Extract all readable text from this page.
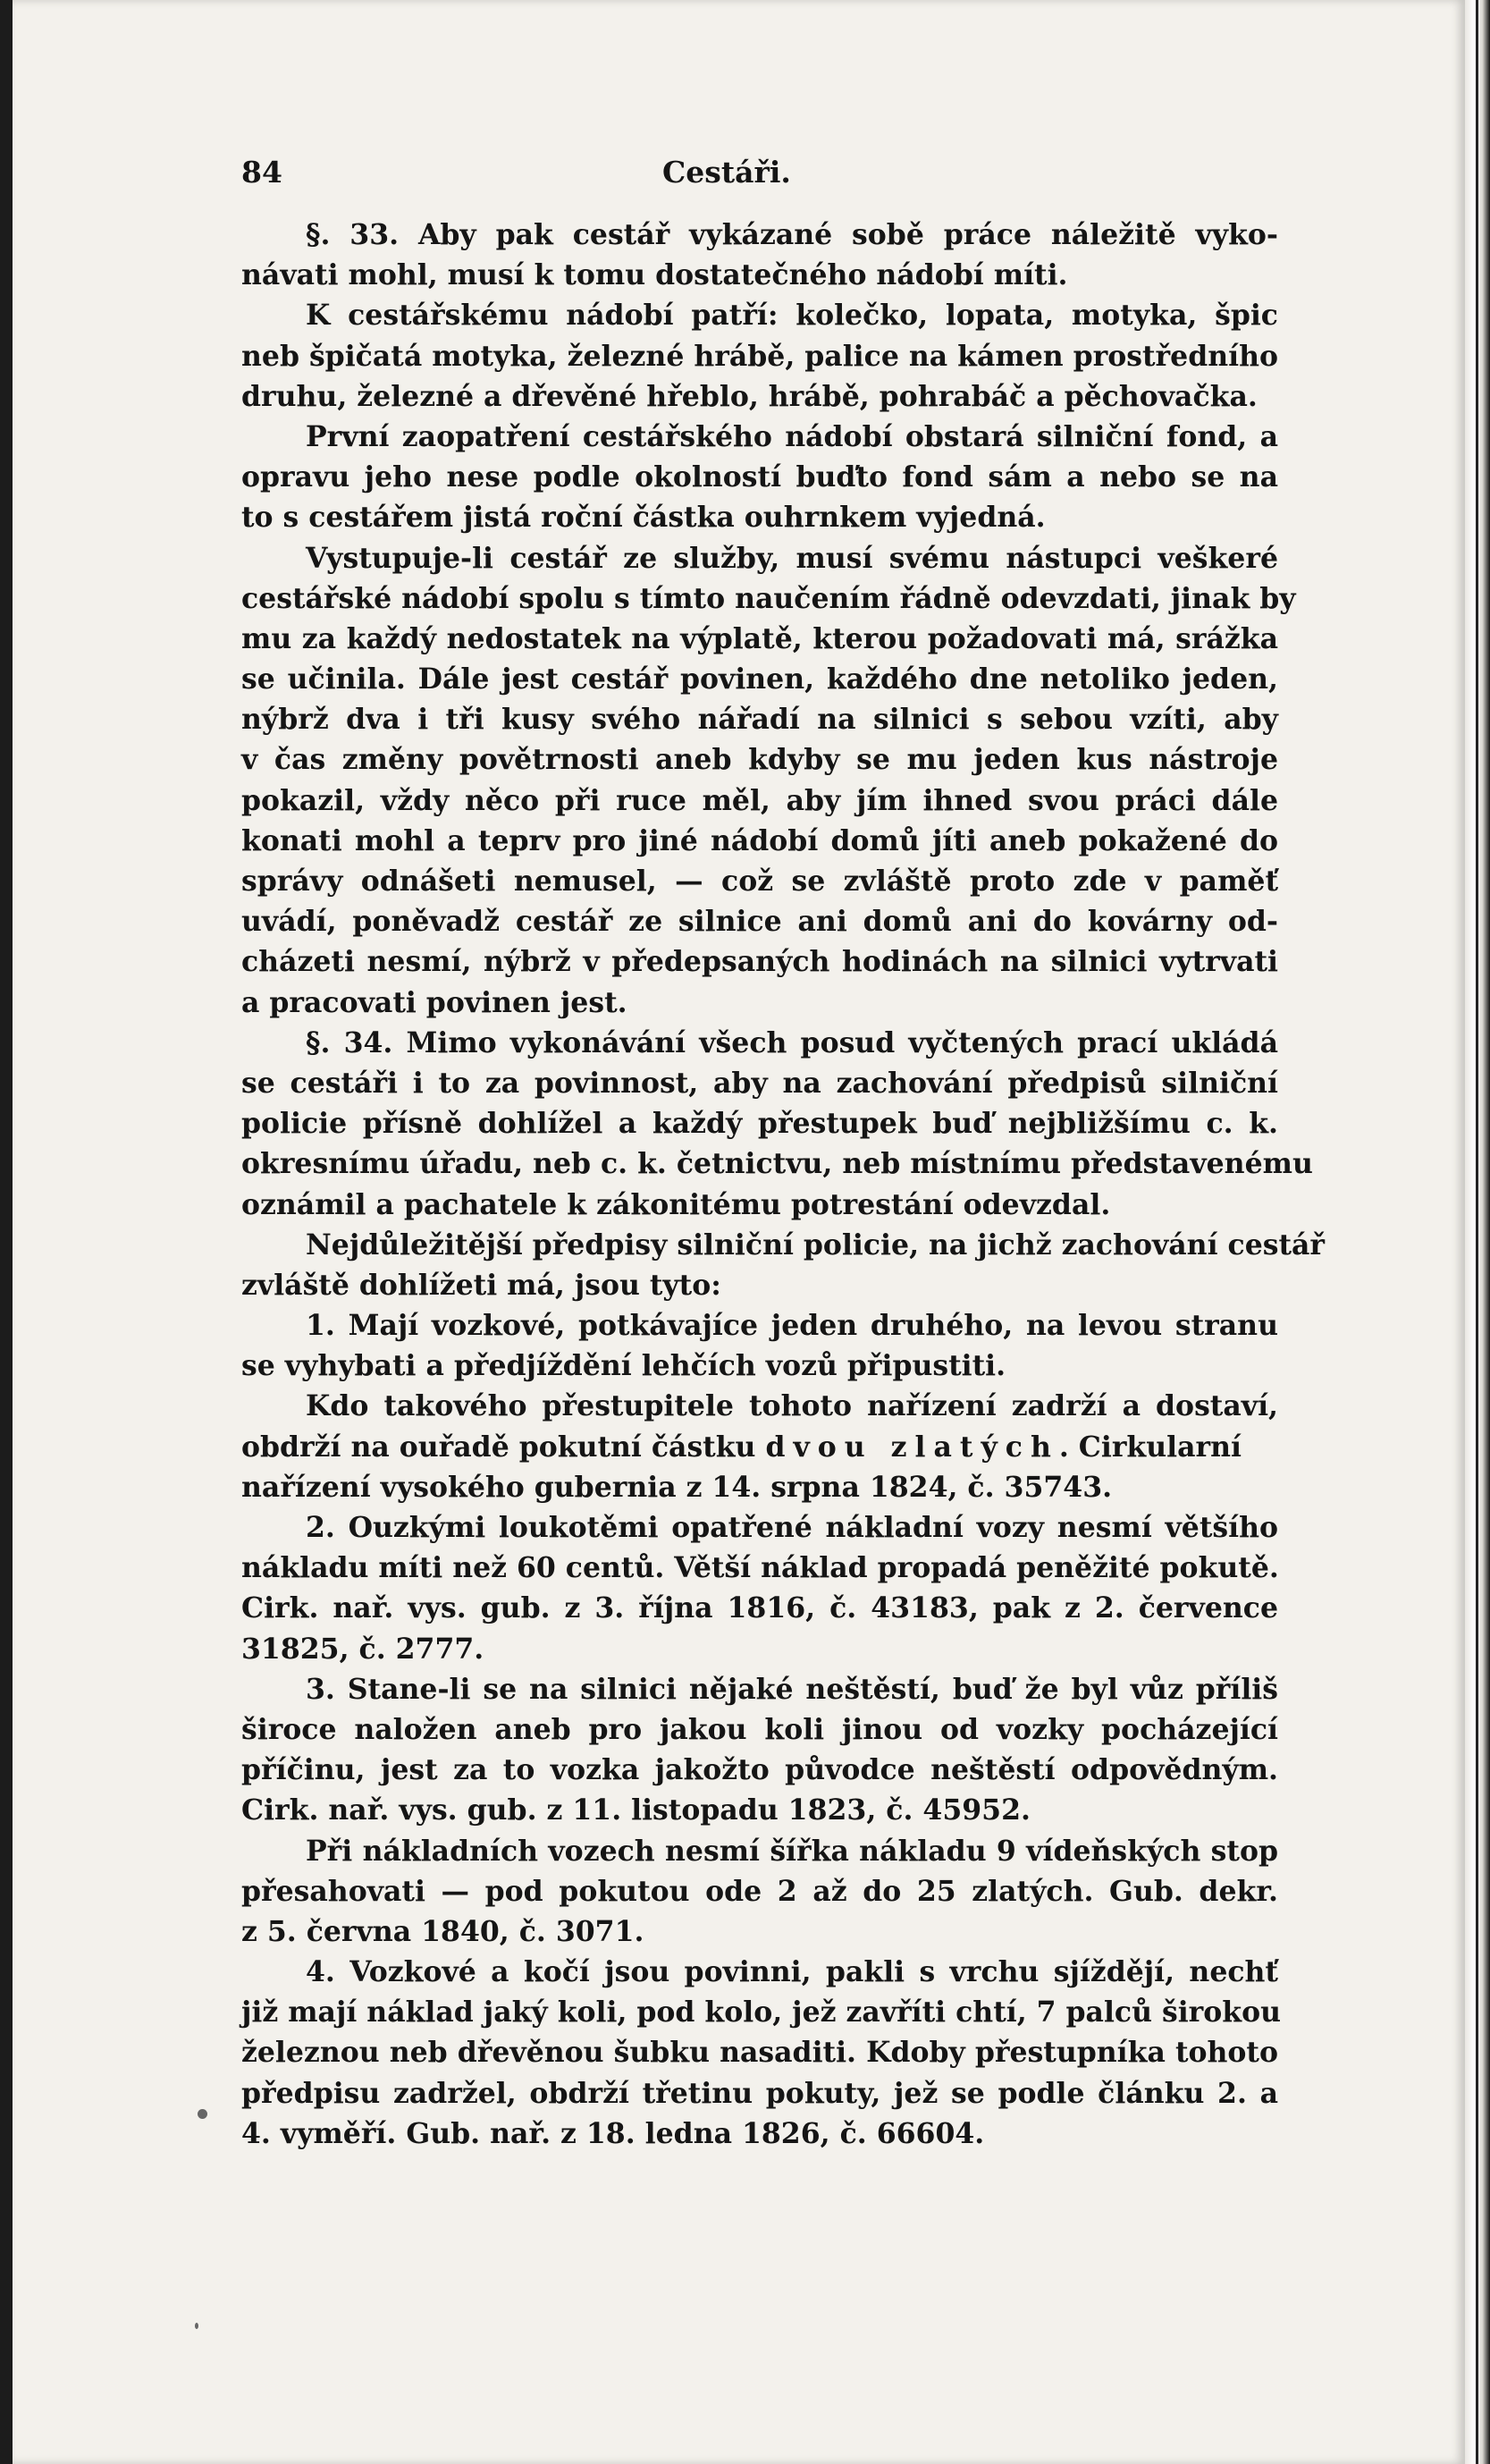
84	Cestáři.
§. 33. Aby pak cestář vykázané sobě práce náležitě vyko-
návati mohl, musí k tomu dostatečného nádobí míti.
K cestářskému nádobí patří: kolečko, lopata, motyka, špic
neb špičatá motyka, železné hrábě, palice na kámen prostředního
druhu, železné a dřevěné hřeblo, hrábě, pohrabáč a pěchovačka.
První zaopatření cestářského nádobí obstará silniční fond, a
opravu jeho nese podle okolností buďto fond sám a nebo se na
to s cestářem jistá roční částka ouhrnkem vyjedná.
Vystupuje-li cestář ze služby, musí svému nástupci veškeré
cestářské nádobí spolu s tímto naučením řádně odevzdati, jinak by
mu za každý nedostatek na výplatě, kterou požadovati má, srážka
se učinila. Dále jest cestář povinen, každého dne netoliko jeden,
nýbrž dva i tři kusy svého nářadí na silnici s sebou vzíti, aby
v čas změny povětrnosti aneb kdyby se mu jeden kus nástroje
pokazil, vždy něco při ruce měl, aby jím ihned svou práci dále
konati mohl a teprv pro jiné nádobí domů jíti aneb pokažené do
správy odnášeti nemusel, — což se zvláště proto zde v paměť
uvádí, poněvadž cestář ze silnice ani domů ani do kovárny od-
cházeti nesmí, nýbrž v předepsaných hodinách na silnici vytrvati
a pracovati povinen jest.
§. 34. Mimo vykonávání všech posud vyčtených prací ukládá
se cestáři i to za povinnost, aby na zachování předpisů silniční
policie přísně dohlížel a každý přestupek buď nejbližšímu c. k.
okresnímu úřadu, neb c. k. četnictvu, neb místnímu představenému
oznámil a pachatele k zákonitému potrestání odevzdal.
Nejdůležitější předpisy silniční policie, na jichž zachování cestář
zvláště dohlížeti má, jsou tyto:
1. Mají vozkové, potkávajíce jeden druhého, na levou stranu
se vyhybati a předjíždění lehčích vozů připustiti.
Kdo takového přestupitele tohoto nařízení zadrží a dostaví,
obdrží na ouřadě pokutní částku dvou zlatých. Cirkularní
nařízení vysokého gubernia z 14. srpna 1824, č. 35743.
2. Ouzkými loukotěmi opatřené nákladní vozy nesmí většího
nákladu míti než 60 centů. Větší náklad propadá peněžité pokutě.
Cirk. nař. vys. gub. z 3. října 1816, č. 43183, pak z 2. července
31825, č. 2777.
3. Stane-li se na silnici nějaké neštěstí, buď že byl vůz příliš
široce naložen aneb pro jakou koli jinou od vozky pocházející
příčinu, jest za to vozka jakožto původce neštěstí odpovědným.
Cirk. nař. vys. gub. z 11. listopadu 1823, č. 45952.
Při nákladních vozech nesmí šířka nákladu 9 vídeňských stop
přesahovati — pod pokutou ode 2 až do 25 zlatých. Gub. dekr.
z 5. června 1840, č. 3071.
4. Vozkové a kočí jsou povinni, pakli s vrchu sjíždějí, nechť
již mají náklad jaký koli, pod kolo, jež zavříti chtí, 7 palců širokou
železnou neb dřevěnou šubku nasaditi. Kdoby přestupníka tohoto
předpisu zadržel, obdrží třetinu pokuty, jež se podle článku 2. a
4. vyměří. Gub. nař. z 18. ledna 1826, č. 66604.
